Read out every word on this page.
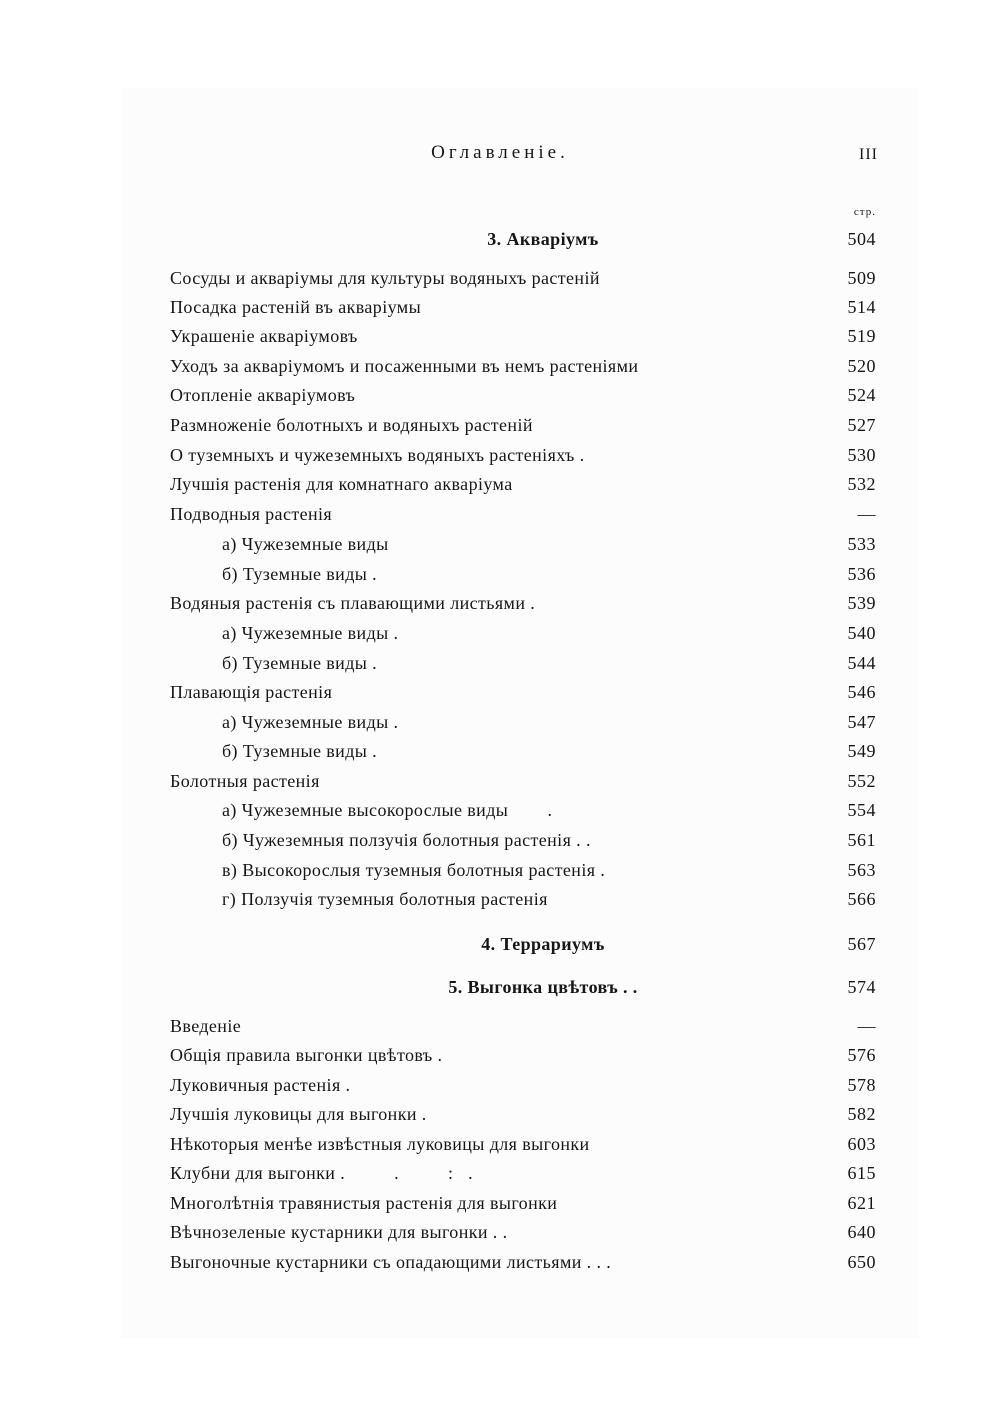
Оглавленіе.	III
стр.
3. Акваріумъ	504
Сосуды и акваріумы для культуры водяныхъ растеній	509
Посадка растеній въ акваріумы	514
Украшеніе акваріумовъ	519
Уходъ за акваріумомъ и посаженными въ немъ растеніями	520
Отопленіе акваріумовъ	524
Размноженіе болотныхъ и водяныхъ растеній	527
О туземныхъ и чужеземныхъ водяныхъ растеніяхъ .	530
Лучшія растенія для комнатнаго акваріума	532
Подводныя растенія	—
а) Чужеземные виды	533
б) Туземные виды .	536
Водяныя растенія съ плавающими листьями .	539
а) Чужеземные виды .	540
б) Туземные виды .	544
Плавающія растенія	546
а) Чужеземные виды .	547
б) Туземные виды .	549
Болотныя растенія	552
а) Чужеземные высокорослые виды        .	554
б) Чужеземныя ползучія болотныя растенія . .	561
в) Высокорослыя туземныя болотныя растенія .	563
г) Ползучія туземныя болотныя растенія	566
4. Террариумъ	567
5. Выгонка цвѣтовъ . .	574
Введеніе	—
Общія правила выгонки цвѣтовъ .	576
Луковичныя растенія .	578
Лучшія луковицы для выгонки .	582
Нѣкоторыя менѣе извѣстныя луковицы для выгонки	603
Клубни для выгонки .          .          :   .	615
Многолѣтнія травянистыя растенія для выгонки	621
Вѣчнозеленые кустарники для выгонки . .	640
Выгоночные кустарники съ опадающими листьями . . .	650
